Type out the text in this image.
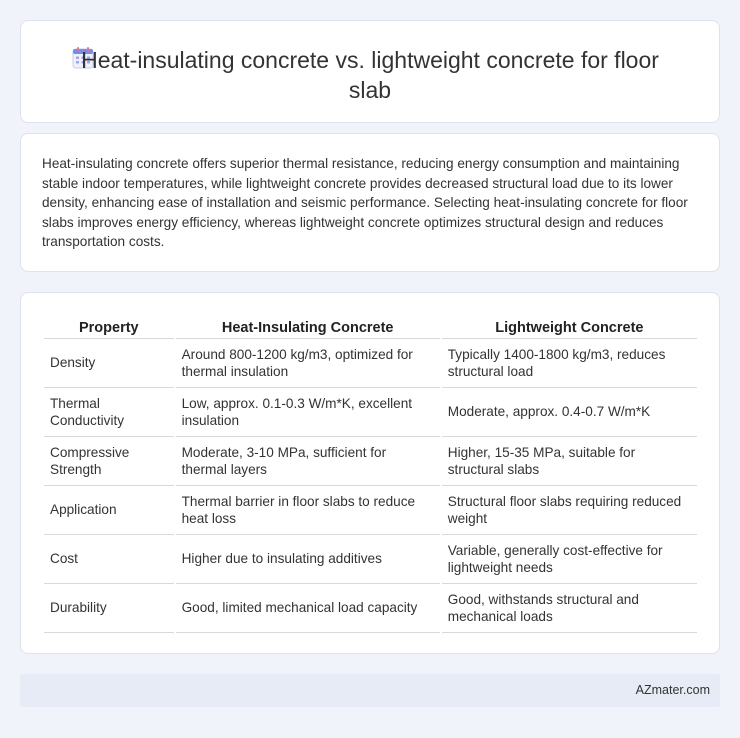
Heat-insulating concrete vs. lightweight concrete for floor slab

Heat-insulating concrete offers superior thermal resistance, reducing energy consumption and maintaining stable indoor temperatures, while lightweight concrete provides decreased structural load due to its lower density, enhancing ease of installation and seismic performance. Selecting heat-insulating concrete for floor slabs improves energy efficiency, whereas lightweight concrete optimizes structural design and reduces transportation costs.

Property	Heat-Insulating Concrete	Lightweight Concrete
Density	Around 800-1200 kg/m3, optimized for thermal insulation	Typically 1400-1800 kg/m3, reduces structural load
Thermal Conductivity	Low, approx. 0.1-0.3 W/m*K, excellent insulation	Moderate, approx. 0.4-0.7 W/m*K
Compressive Strength	Moderate, 3-10 MPa, sufficient for thermal layers	Higher, 15-35 MPa, suitable for structural slabs
Application	Thermal barrier in floor slabs to reduce heat loss	Structural floor slabs requiring reduced weight
Cost	Higher due to insulating additives	Variable, generally cost-effective for lightweight needs
Durability	Good, limited mechanical load capacity	Good, withstands structural and mechanical loads
AZmater.com
